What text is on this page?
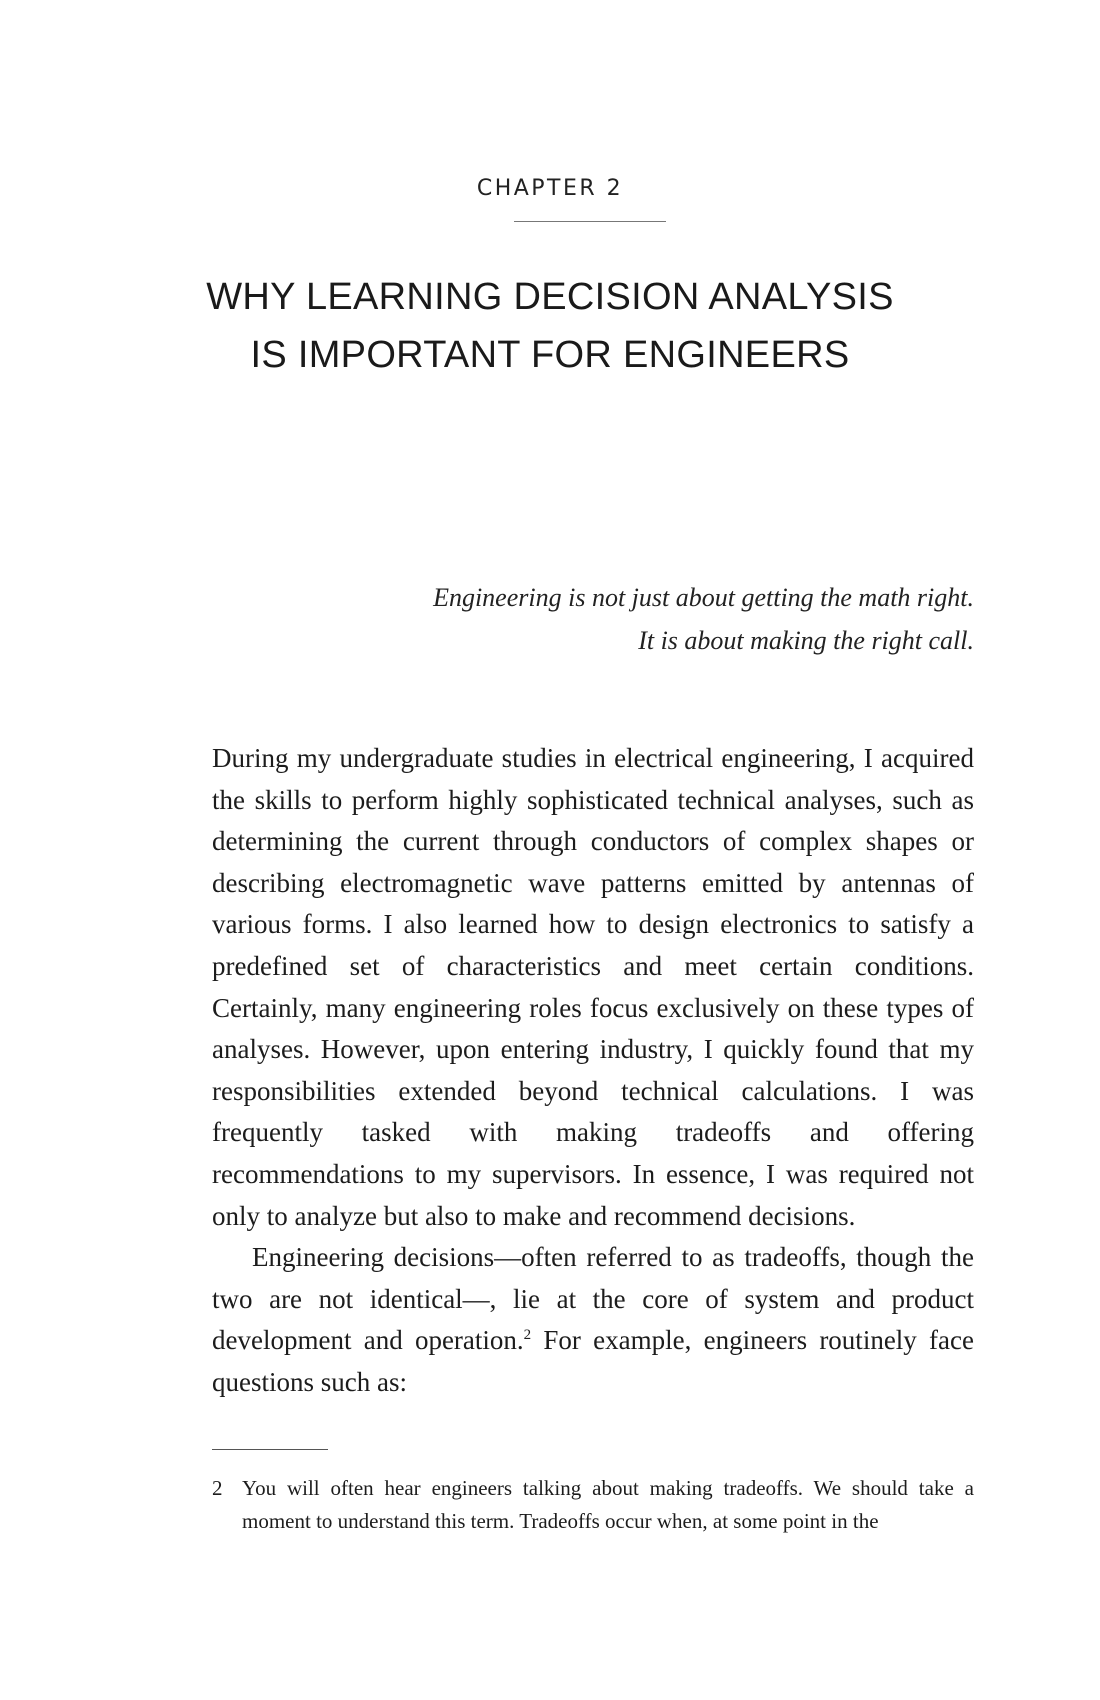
CHAPTER 2
WHY LEARNING DECISION ANALYSIS
IS IMPORTANT FOR ENGINEERS
Engineering is not just about getting the math right.
It is about making the right call.

During my undergraduate studies in electrical engineering, I acquired the skills to perform highly sophisticated technical analyses, such as determining the current through conductors of complex shapes or describing electromagnetic wave patterns emitted by antennas of various forms. I also learned how to design electronics to satisfy a predefined set of characteristics and meet certain conditions. Certainly, many engineering roles focus exclusively on these types of analyses. However, upon entering industry, I quickly found that my responsibilities extended beyond technical calculations. I was frequently tasked with making tradeoffs and offering recommendations to my supervisors. In essence, I was required not only to analyze but also to make and recommend decisions.

Engineering decisions—often referred to as tradeoffs, though the two are not identical—, lie at the core of system and product development and operation.$^2$ For example, engineers routinely face questions such as:

2 You will often hear engineers talking about making tradeoffs. We should take a moment to understand this term. Tradeoffs occur when, at some point in the
